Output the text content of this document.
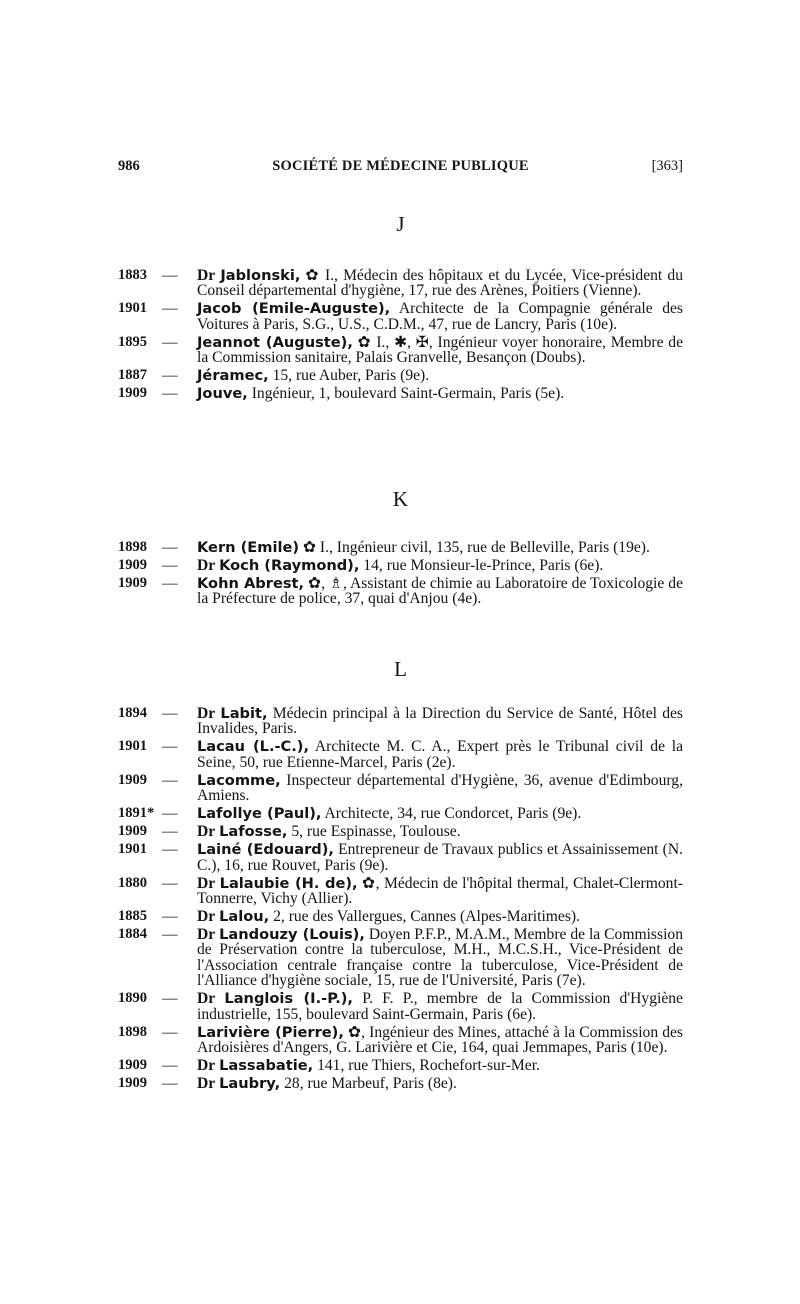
986	SOCIÉTÉ DE MÉDECINE PUBLIQUE	[363]
J
1883 — Dr Jablonski, ✿ I., Médecin des hôpitaux et du Lycée, Vice-président du Conseil départemental d'hygiène, 17, rue des Arènes, Poitiers (Vienne).
1901 — Jacob (Emile-Auguste), Architecte de la Compagnie générale des Voitures à Paris, S.G., U.S., C.D.M., 47, rue de Lancry, Paris (10e).
1895 — Jeannot (Auguste), ✿ I., ✱, ✠, Ingénieur voyer honoraire, Membre de la Commission sanitaire, Palais Granvelle, Besançon (Doubs).
1887 — Jéramec, 15, rue Auber, Paris (9e).
1909 — Jouve, Ingénieur, 1, boulevard Saint-Germain, Paris (5e).
K
1898 — Kern (Emile) ✿ I., Ingénieur civil, 135, rue de Belleville, Paris (19e).
1909 — Dr Koch (Raymond), 14, rue Monsieur-le-Prince, Paris (6e).
1909 — Kohn Abrest, ✿, ♗, Assistant de chimie au Laboratoire de Toxicologie de la Préfecture de police, 37, quai d'Anjou (4e).
L
1894 — Dr Labit, Médecin principal à la Direction du Service de Santé, Hôtel des Invalides, Paris.
1901 — Lacau (L.-C.), Architecte M. C. A., Expert près le Tribunal civil de la Seine, 50, rue Etienne-Marcel, Paris (2e).
1909 — Lacomme, Inspecteur départemental d'Hygiène, 36, avenue d'Edimbourg, Amiens.
1891* — Lafollye (Paul), Architecte, 34, rue Condorcet, Paris (9e).
1909 — Dr Lafosse, 5, rue Espinasse, Toulouse.
1901 — Lainé (Edouard), Entrepreneur de Travaux publics et Assainissement (N. C.), 16, rue Rouvet, Paris (9e).
1880 — Dr Lalaubie (H. de), ✿, Médecin de l'hôpital thermal, Chalet-Clermont-Tonnerre, Vichy (Allier).
1885 — Dr Lalou, 2, rue des Vallergues, Cannes (Alpes-Maritimes).
1884 — Dr Landouzy (Louis), Doyen P.F.P., M.A.M., Membre de la Commission de Préservation contre la tuberculose, M.H., M.C.S.H., Vice-Président de l'Association centrale française contre la tuberculose, Vice-Président de l'Alliance d'hygiène sociale, 15, rue de l'Université, Paris (7e).
1890 — Dr Langlois (I.-P.), P. F. P., membre de la Commission d'Hygiène industrielle, 155, boulevard Saint-Germain, Paris (6e).
1898 — Larivière (Pierre), ✿, Ingénieur des Mines, attaché à la Commission des Ardoisières d'Angers, G. Larivière et Cie, 164, quai Jemmapes, Paris (10e).
1909 — Dr Lassabatie, 141, rue Thiers, Rochefort-sur-Mer.
1909 — Dr Laubry, 28, rue Marbeuf, Paris (8e).
